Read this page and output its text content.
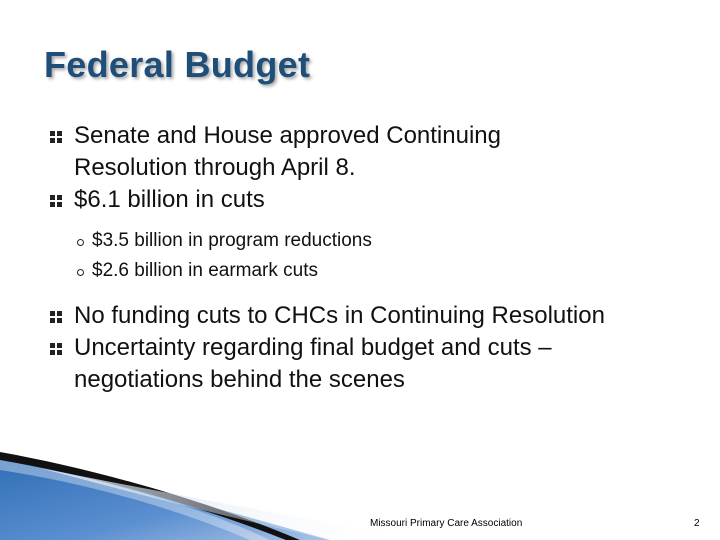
Federal Budget
Senate and House approved Continuing
Resolution through April 8.
$6.1 billion in cuts
$3.5 billion in program reductions
$2.6 billion in earmark cuts
No funding cuts to CHCs in Continuing Resolution
Uncertainty regarding final budget and cuts –
negotiations behind the scenes
Missouri Primary Care Association	2
